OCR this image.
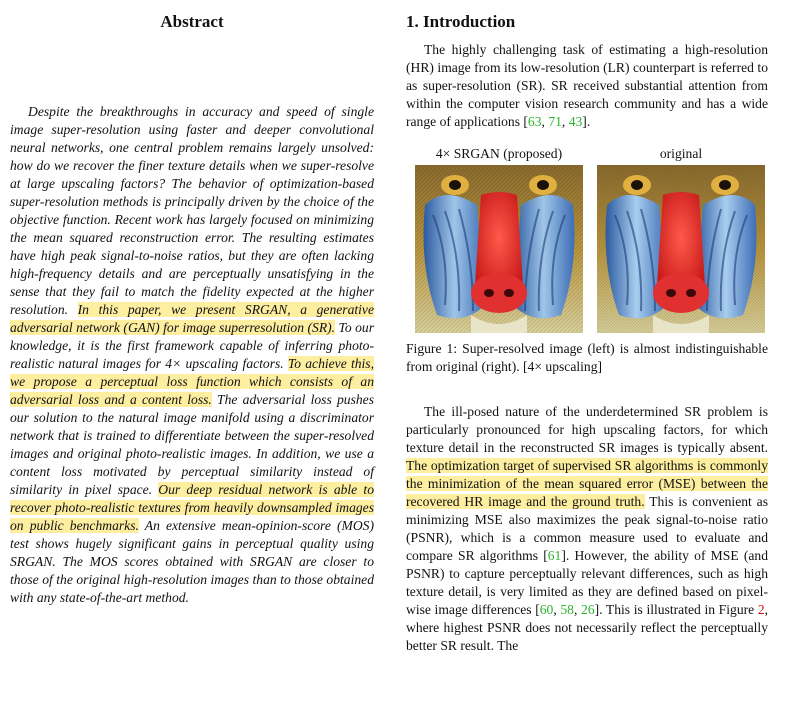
Abstract

Despite the breakthroughs in accuracy and speed of single image super-resolution using faster and deeper convolutional neural networks, one central problem remains largely unsolved: how do we recover the finer texture details when we super-resolve at large upscaling factors? The behavior of optimization-based super-resolution methods is principally driven by the choice of the objective function. Recent work has largely focused on minimizing the mean squared reconstruction error. The resulting estimates have high peak signal-to-noise ratios, but they are often lacking high-frequency details and are perceptually unsatisfying in the sense that they fail to match the fidelity expected at the higher resolution. In this paper, we present SRGAN, a generative adversarial network (GAN) for image superresolution (SR). To our knowledge, it is the first framework capable of inferring photo-realistic natural images for 4× upscaling factors. To achieve this, we propose a perceptual loss function which consists of an adversarial loss and a content loss. The adversarial loss pushes our solution to the natural image manifold using a discriminator network that is trained to differentiate between the super-resolved images and original photo-realistic images. In addition, we use a content loss motivated by perceptual similarity instead of similarity in pixel space. Our deep residual network is able to recover photo-realistic textures from heavily downsampled images on public benchmarks. An extensive mean-opinion-score (MOS) test shows hugely significant gains in perceptual quality using SRGAN. The MOS scores obtained with SRGAN are closer to those of the original high-resolution images than to those obtained with any state-of-the-art method.

1. Introduction

The highly challenging task of estimating a high-resolution (HR) image from its low-resolution (LR) counterpart is referred to as super-resolution (SR). SR received substantial attention from within the computer vision research community and has a wide range of applications [63, 71, 43].

4× SRGAN (proposed)	original

Figure 1: Super-resolved image (left) is almost indistinguishable from original (right). [4× upscaling]

The ill-posed nature of the underdetermined SR problem is particularly pronounced for high upscaling factors, for which texture detail in the reconstructed SR images is typically absent. The optimization target of supervised SR algorithms is commonly the minimization of the mean squared error (MSE) between the recovered HR image and the ground truth. This is convenient as minimizing MSE also maximizes the peak signal-to-noise ratio (PSNR), which is a common measure used to evaluate and compare SR algorithms [61]. However, the ability of MSE (and PSNR) to capture perceptually relevant differences, such as high texture detail, is very limited as they are defined based on pixel-wise image differences [60, 58, 26]. This is illustrated in Figure 2, where highest PSNR does not necessarily reflect the perceptually better SR result. The
